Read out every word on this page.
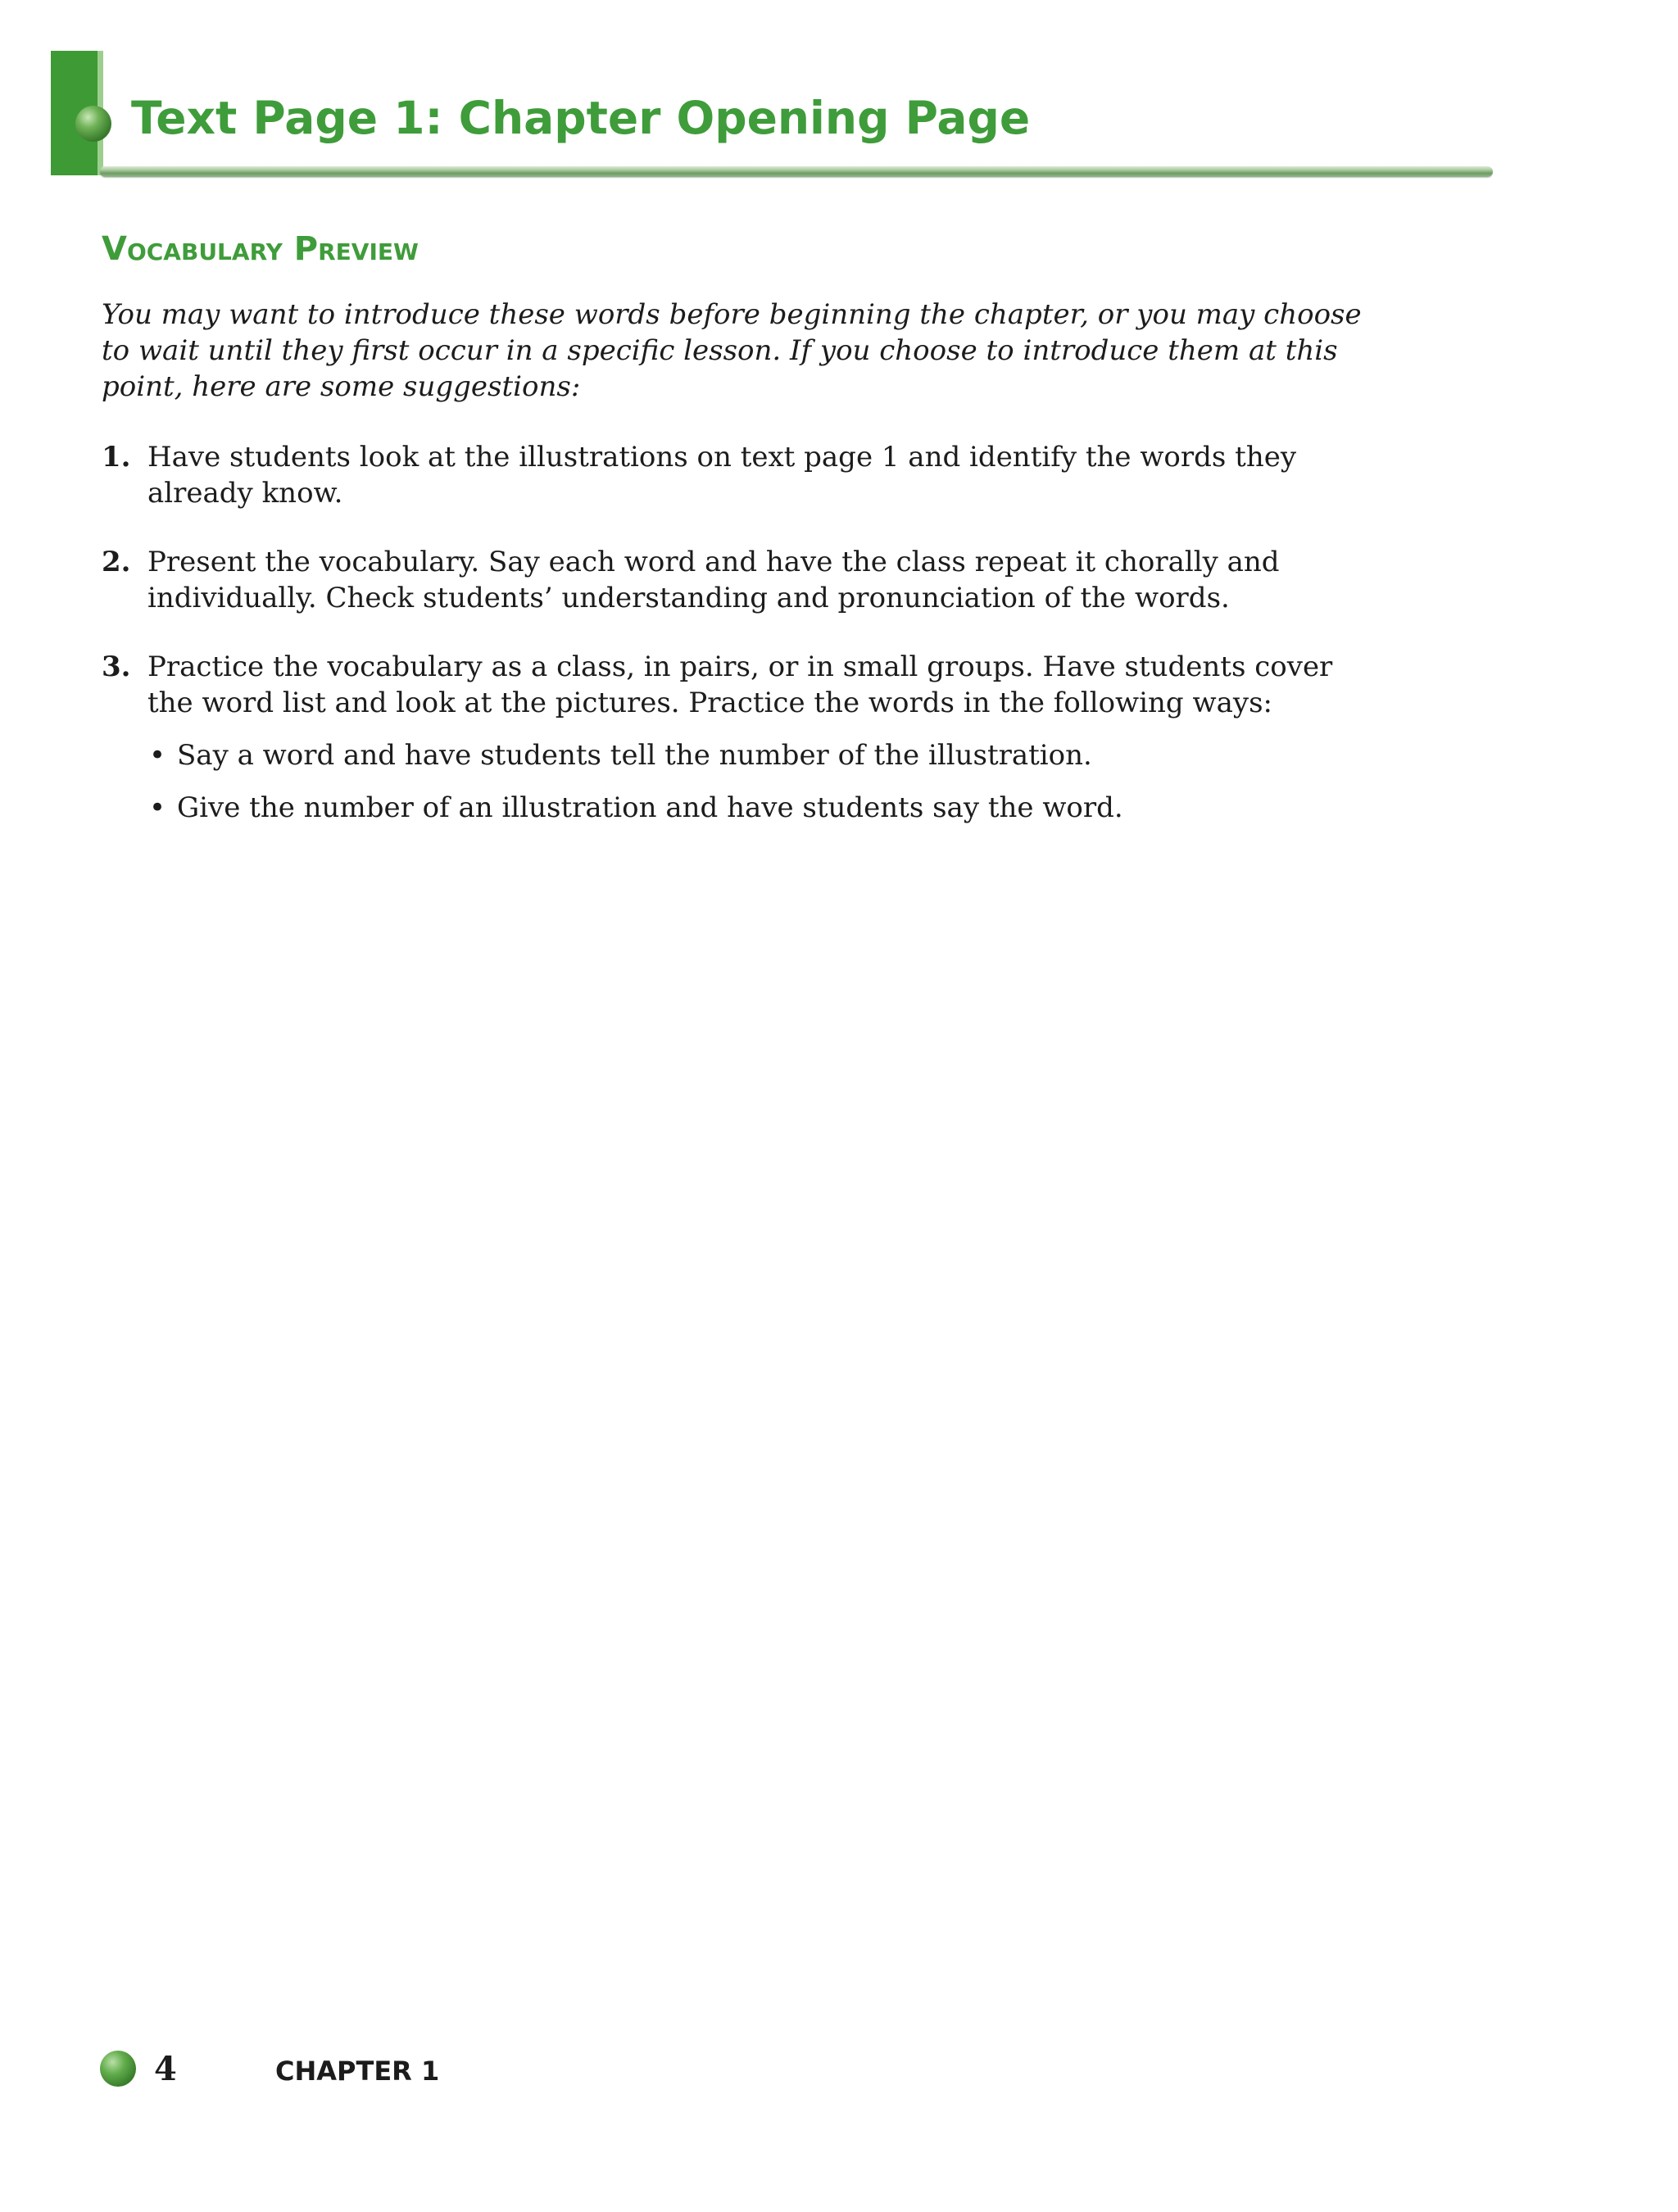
Text Page 1: Chapter Opening Page
Vocabulary Preview

You may want to introduce these words before beginning the chapter, or you may choose to wait until they first occur in a specific lesson. If you choose to introduce them at this point, here are some suggestions:

1. Have students look at the illustrations on text page 1 and identify the words they already know.
2. Present the vocabulary. Say each word and have the class repeat it chorally and individually. Check students’ understanding and pronunciation of the words.
3. Practice the vocabulary as a class, in pairs, or in small groups. Have students cover the word list and look at the pictures. Practice the words in the following ways:
• Say a word and have students tell the number of the illustration.
• Give the number of an illustration and have students say the word.
4	CHAPTER 1
